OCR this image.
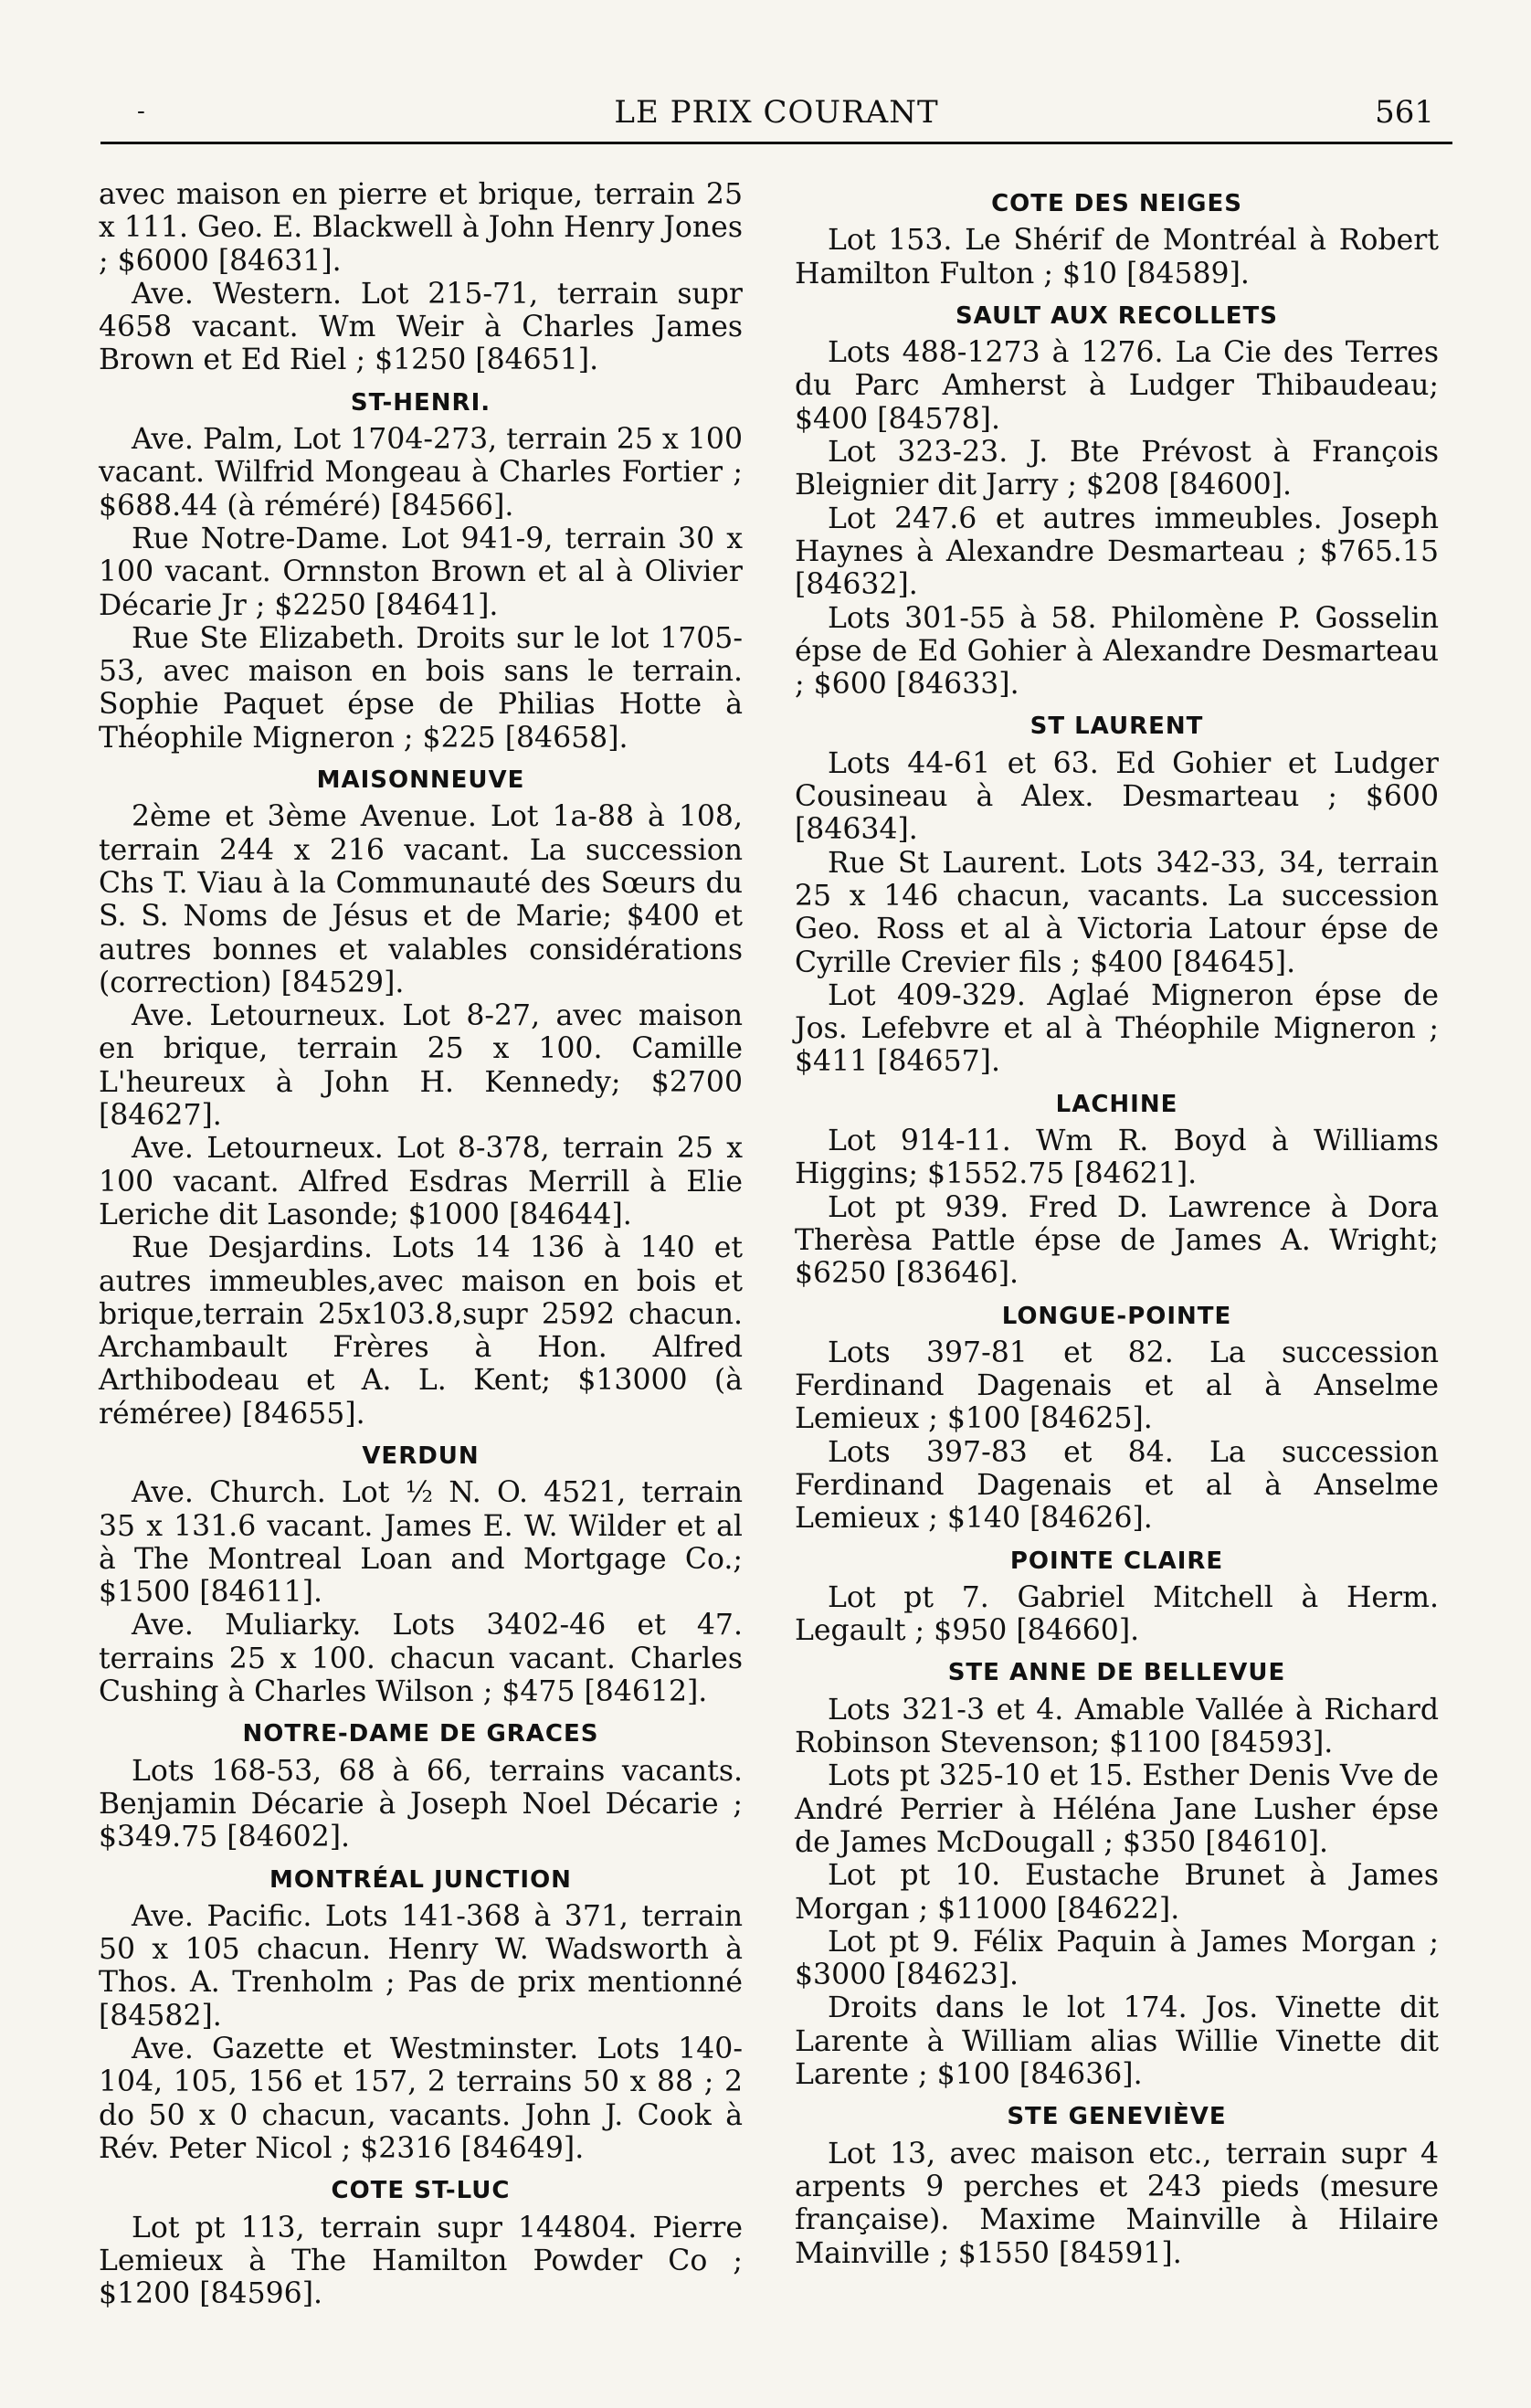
-	LE PRIX COURANT	561

avec maison en pierre et brique, terrain 25 x 111. Geo. E. Blackwell à John Henry Jones ; $6000 [84631].

Ave. Western. Lot 215-71, terrain supr 4658 vacant. Wm Weir à Charles James Brown et Ed Riel ; $1250 [84651].

ST-HENRI.

Ave. Palm, Lot 1704-273, terrain 25 x 100 vacant. Wilfrid Mongeau à Charles Fortier ; $688.44 (à réméré) [84566].

Rue Notre-Dame. Lot 941-9, terrain 30 x 100 vacant. Ornnston Brown et al à Olivier Décarie Jr ; $2250 [84641].

Rue Ste Elizabeth. Droits sur le lot 1705-53, avec maison en bois sans le terrain. Sophie Paquet épse de Philias Hotte à Théophile Migneron ; $225 [84658].

MAISONNEUVE

2ème et 3ème Avenue. Lot 1a-88 à 108, terrain 244 x 216 vacant. La succession Chs T. Viau à la Communauté des Sœurs du S. S. Noms de Jésus et de Marie; $400 et autres bonnes et valables considérations (correction) [84529].

Ave. Letourneux. Lot 8-27, avec maison en brique, terrain 25 x 100. Camille L'heureux à John H. Kennedy; $2700 [84627].

Ave. Letourneux. Lot 8-378, terrain 25 x 100 vacant. Alfred Esdras Merrill à Elie Leriche dit Lasonde; $1000 [84644].

Rue Desjardins. Lots 14 136 à 140 et autres immeubles,avec maison en bois et brique,terrain 25x103.8,supr 2592 chacun. Archambault Frères à Hon. Alfred Arthibodeau et A. L. Kent; $13000 (à réméree) [84655].

VERDUN

Ave. Church. Lot ½ N. O. 4521, terrain 35 x 131.6 vacant. James E. W. Wilder et al à The Montreal Loan and Mortgage Co.; $1500 [84611].

Ave. Muliarky. Lots 3402-46 et 47. terrains 25 x 100. chacun vacant. Charles Cushing à Charles Wilson ; $475 [84612].

NOTRE-DAME DE GRACES

Lots 168-53, 68 à 66, terrains vacants. Benjamin Décarie à Joseph Noel Décarie ; $349.75 [84602].

MONTRÉAL JUNCTION

Ave. Pacific. Lots 141-368 à 371, terrain 50 x 105 chacun. Henry W. Wadsworth à Thos. A. Trenholm ; Pas de prix mentionné [84582].

Ave. Gazette et Westminster. Lots 140-104, 105, 156 et 157, 2 terrains 50 x 88 ; 2 do 50 x 0 chacun, vacants. John J. Cook à Rév. Peter Nicol ; $2316 [84649].

COTE ST-LUC

Lot pt 113, terrain supr 144804. Pierre Lemieux à The Hamilton Powder Co ; $1200 [84596].

COTE DES NEIGES

Lot 153. Le Shérif de Montréal à Robert Hamilton Fulton ; $10 [84589].

SAULT AUX RECOLLETS

Lots 488-1273 à 1276. La Cie des Terres du Parc Amherst à Ludger Thibaudeau; $400 [84578].

Lot 323-23. J. Bte Prévost à François Bleignier dit Jarry ; $208 [84600].

Lot 247.6 et autres immeubles. Joseph Haynes à Alexandre Desmarteau ; $765.15 [84632].

Lots 301-55 à 58. Philomène P. Gosselin épse de Ed Gohier à Alexandre Desmarteau ; $600 [84633].

ST LAURENT

Lots 44-61 et 63. Ed Gohier et Ludger Cousineau à Alex. Desmarteau ; $600 [84634].

Rue St Laurent. Lots 342-33, 34, terrain 25 x 146 chacun, vacants. La succession Geo. Ross et al à Victoria Latour épse de Cyrille Crevier fils ; $400 [84645].

Lot 409-329. Aglaé Migneron épse de Jos. Lefebvre et al à Théophile Migneron ; $411 [84657].

LACHINE

Lot 914-11. Wm R. Boyd à Williams Higgins; $1552.75 [84621].

Lot pt 939. Fred D. Lawrence à Dora Therèsa Pattle épse de James A. Wright; $6250 [83646].

LONGUE-POINTE

Lots 397-81 et 82. La succession Ferdinand Dagenais et al à Anselme Lemieux ; $100 [84625].

Lots 397-83 et 84. La succession Ferdinand Dagenais et al à Anselme Lemieux ; $140 [84626].

POINTE CLAIRE

Lot pt 7. Gabriel Mitchell à Herm. Legault ; $950 [84660].

STE ANNE DE BELLEVUE

Lots 321-3 et 4. Amable Vallée à Richard Robinson Stevenson; $1100 [84593].

Lots pt 325-10 et 15. Esther Denis Vve de André Perrier à Héléna Jane Lusher épse de James McDougall ; $350 [84610].

Lot pt 10. Eustache Brunet à James Morgan ; $11000 [84622].

Lot pt 9. Félix Paquin à James Morgan ; $3000 [84623].

Droits dans le lot 174. Jos. Vinette dit Larente à William alias Willie Vinette dit Larente ; $100 [84636].

STE GENEVIÈVE

Lot 13, avec maison etc., terrain supr 4 arpents 9 perches et 243 pieds (mesure française). Maxime Mainville à Hilaire Mainville ; $1550 [84591].
